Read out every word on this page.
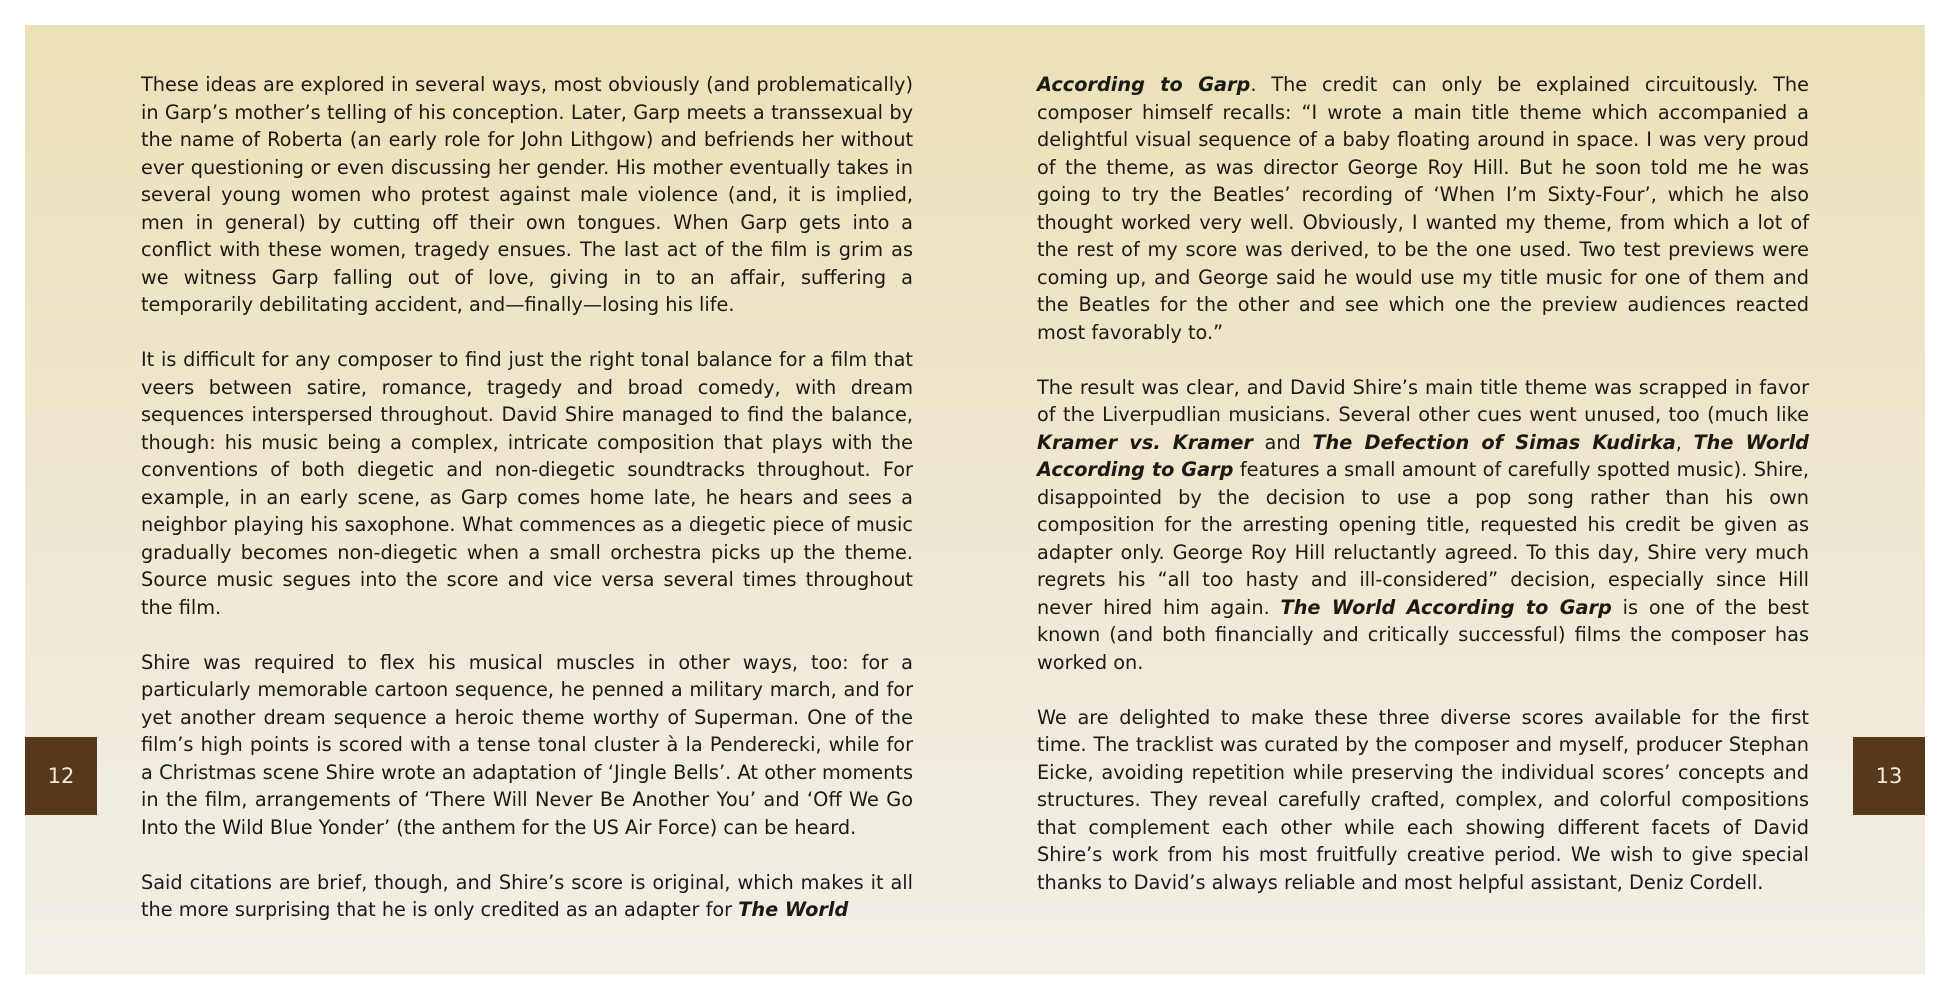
These ideas are explored in several ways, most obviously (and problematically) in Garp’s mother’s telling of his conception. Later, Garp meets a transsexual by the name of Roberta (an early role for John Lithgow) and befriends her without ever questioning or even discussing her gender. His mother eventually takes in several young women who protest against male violence (and, it is implied, men in general) by cutting off their own tongues. When Garp gets into a conflict with these women, tragedy ensues. The last act of the film is grim as we witness Garp falling out of love, giving in to an affair, suffering a temporarily debilitating accident, and—finally—losing his life.

It is difficult for any composer to find just the right tonal balance for a film that veers between satire, romance, tragedy and broad comedy, with dream sequences interspersed throughout. David Shire managed to find the balance, though: his music being a complex, intricate composition that plays with the conventions of both diegetic and non-diegetic soundtracks throughout. For example, in an early scene, as Garp comes home late, he hears and sees a neighbor playing his saxophone. What commences as a diegetic piece of music gradually becomes non-diegetic when a small orchestra picks up the theme. Source music segues into the score and vice versa several times throughout the film.

Shire was required to flex his musical muscles in other ways, too: for a particularly memorable cartoon sequence, he penned a military march, and for yet another dream sequence a heroic theme worthy of Superman. One of the film’s high points is scored with a tense tonal cluster à la Penderecki, while for a Christmas scene Shire wrote an adaptation of ‘Jingle Bells’. At other moments in the film, arrangements of ‘There Will Never Be Another You’ and ‘Off We Go Into the Wild Blue Yonder’ (the anthem for the US Air Force) can be heard.

Said citations are brief, though, and Shire’s score is original, which makes it all the more surprising that he is only credited as an adapter for The World

According to Garp. The credit can only be explained circuitously. The composer himself recalls: “I wrote a main title theme which accompanied a delightful visual sequence of a baby floating around in space. I was very proud of the theme, as was director George Roy Hill. But he soon told me he was going to try the Beatles’ recording of ‘When I’m Sixty-Four’, which he also thought worked very well. Obviously, I wanted my theme, from which a lot of the rest of my score was derived, to be the one used. Two test previews were coming up, and George said he would use my title music for one of them and the Beatles for the other and see which one the preview audiences reacted most favorably to.”

The result was clear, and David Shire’s main title theme was scrapped in favor of the Liverpudlian musicians. Several other cues went unused, too (much like Kramer vs. Kramer and The Defection of Simas Kudirka, The World According to Garp features a small amount of carefully spotted music). Shire, disappointed by the decision to use a pop song rather than his own composition for the arresting opening title, requested his credit be given as adapter only. George Roy Hill reluctantly agreed. To this day, Shire very much regrets his “all too hasty and ill-considered” decision, especially since Hill never hired him again. The World According to Garp is one of the best known (and both financially and critically successful) films the composer has worked on.

We are delighted to make these three diverse scores available for the first time. The tracklist was curated by the composer and myself, producer Stephan Eicke, avoiding repetition while preserving the individual scores’ concepts and structures. They reveal carefully crafted, complex, and colorful compositions that complement each other while each showing different facets of David Shire’s work from his most fruitfully creative period. We wish to give special thanks to David’s always reliable and most helpful assistant, Deniz Cordell.

12	13
